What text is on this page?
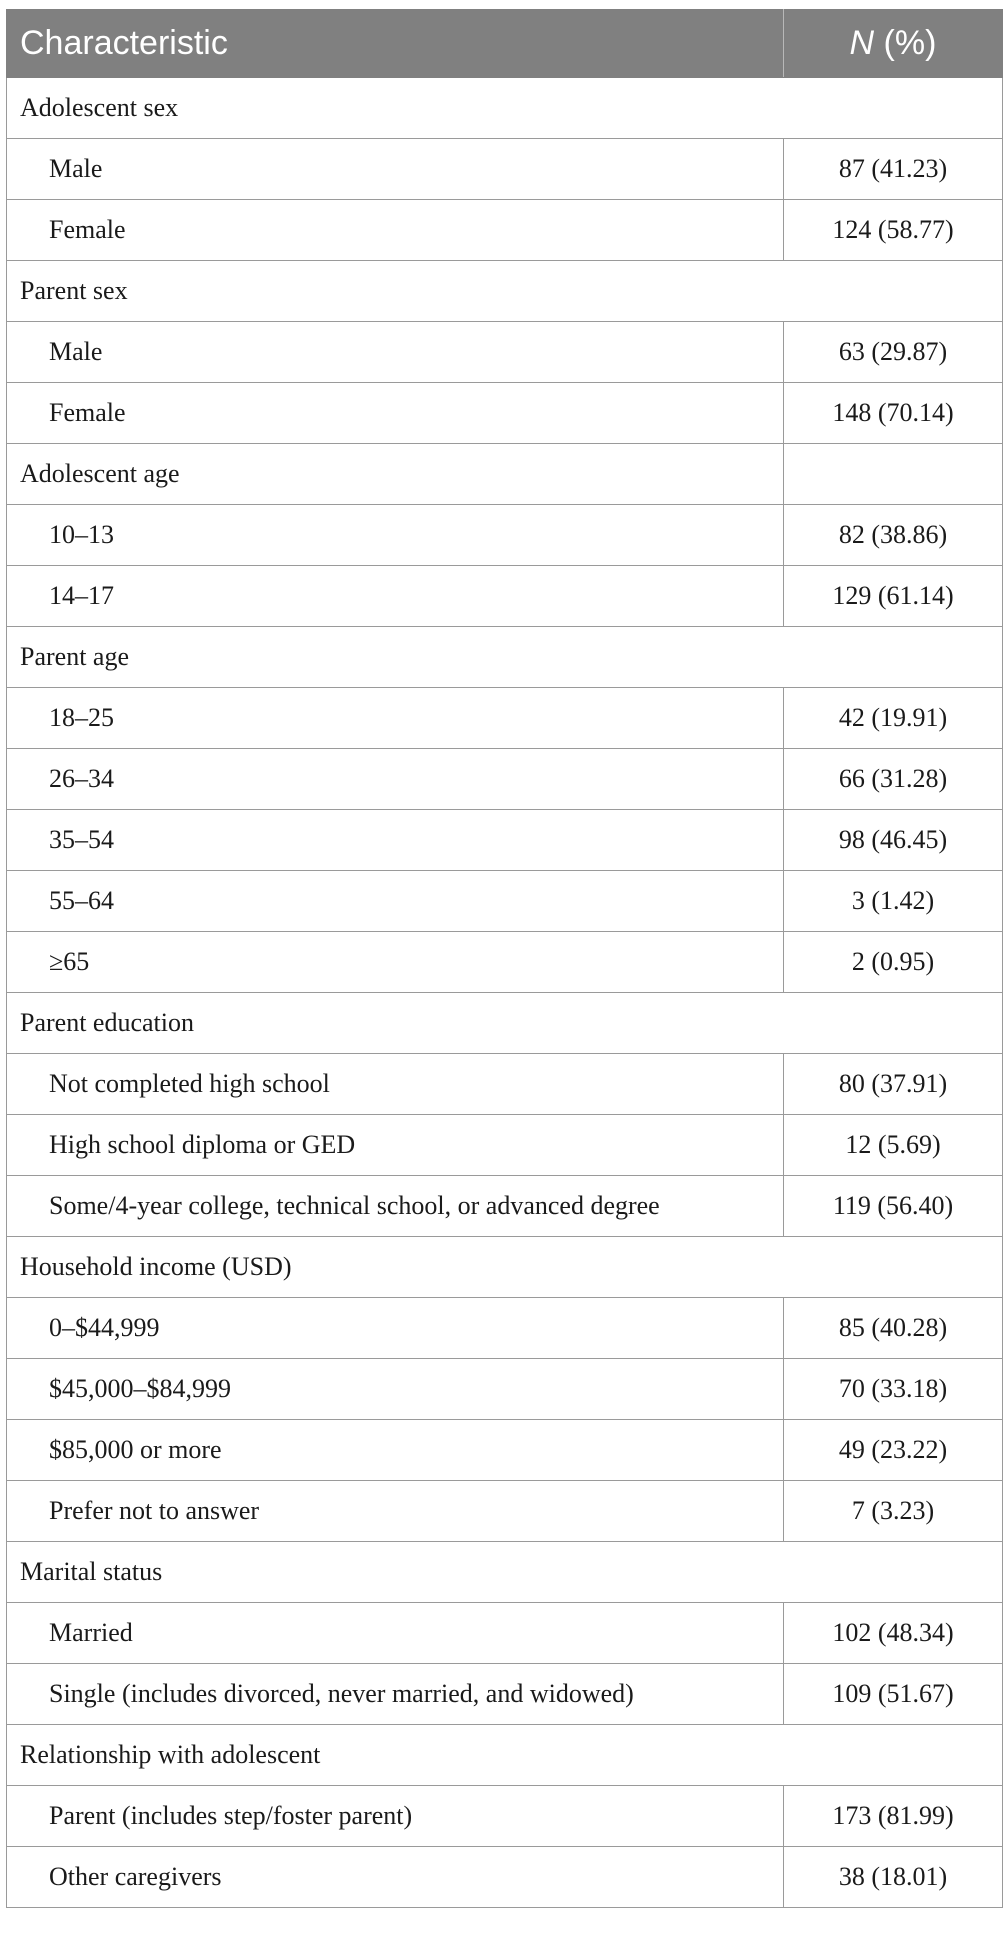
Characteristic	N (%)
Adolescent sex	
Male	87 (41.23)
Female	124 (58.77)
Parent sex	
Male	63 (29.87)
Female	148 (70.14)
Adolescent age	
10–13	82 (38.86)
14–17	129 (61.14)
Parent age	
18–25	42 (19.91)
26–34	66 (31.28)
35–54	98 (46.45)
55–64	3 (1.42)
≥65	2 (0.95)
Parent education	
Not completed high school	80 (37.91)
High school diploma or GED	12 (5.69)
Some/4-year college, technical school, or advanced degree	119 (56.40)
Household income (USD)	
0–$44,999	85 (40.28)
$45,000–$84,999	70 (33.18)
$85,000 or more	49 (23.22)
Prefer not to answer	7 (3.23)
Marital status	
Married	102 (48.34)
Single (includes divorced, never married, and widowed)	109 (51.67)
Relationship with adolescent	
Parent (includes step/foster parent)	173 (81.99)
Other caregivers	38 (18.01)
